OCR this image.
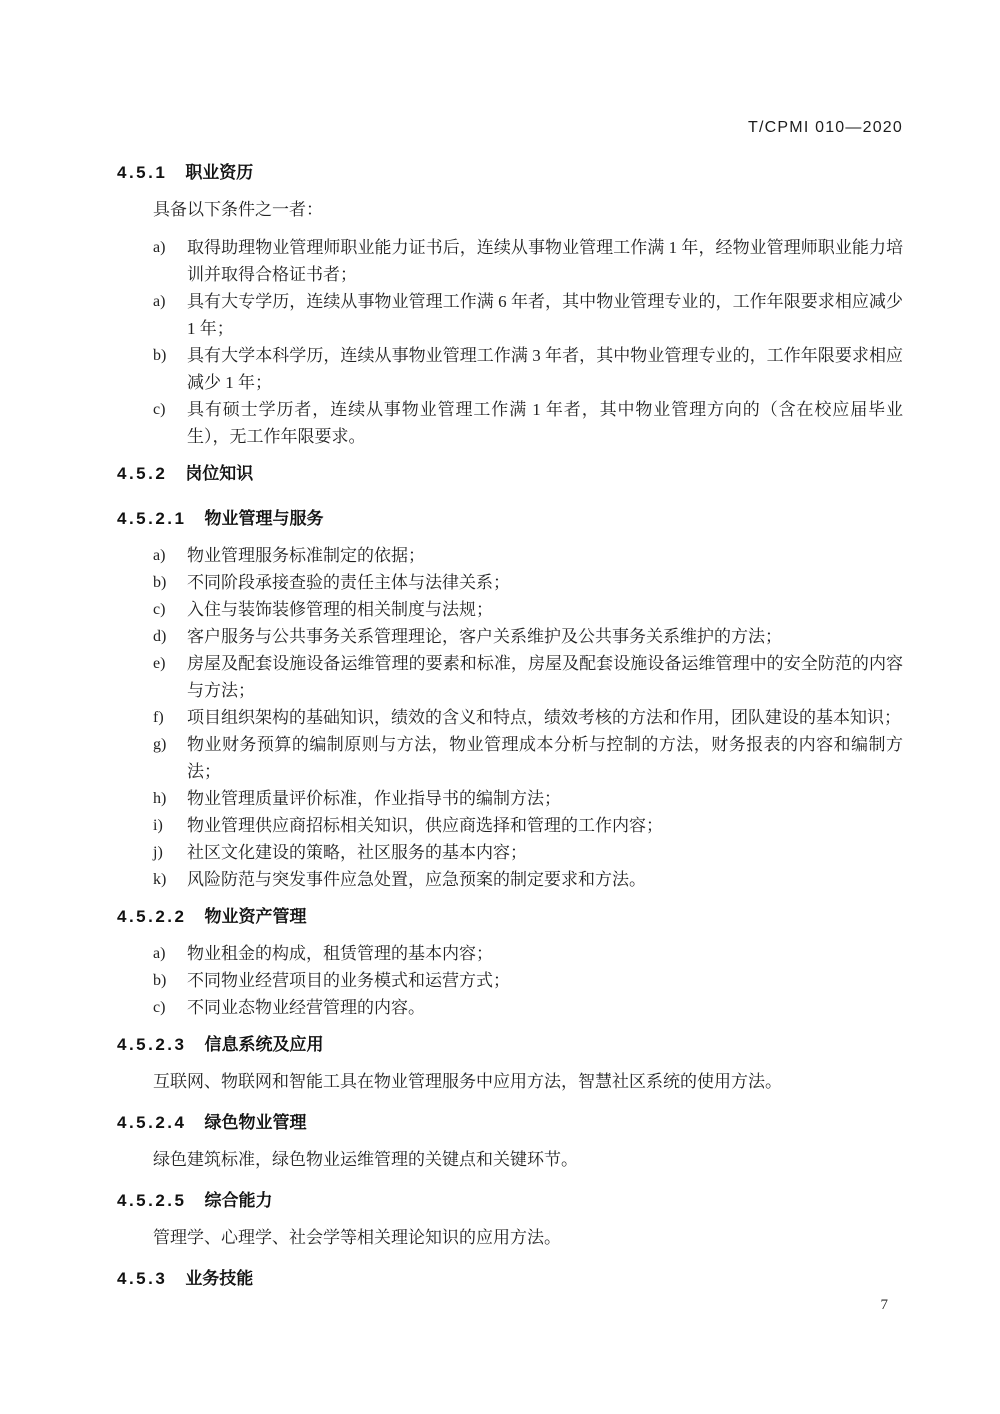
T/CPMI 010—2020
4.5.1 职业资历
具备以下条件之一者：
a)	取得助理物业管理师职业能力证书后，连续从事物业管理工作满 1 年，经物业管理师职业能力培训并取得合格证书者；
a)	具有大专学历，连续从事物业管理工作满 6 年者，其中物业管理专业的，工作年限要求相应减少 1 年；
b)	具有大学本科学历，连续从事物业管理工作满 3 年者，其中物业管理专业的，工作年限要求相应减少 1 年；
c)	具有硕士学历者，连续从事物业管理工作满 1 年者，其中物业管理方向的（含在校应届毕业生），无工作年限要求。
4.5.2 岗位知识
4.5.2.1 物业管理与服务
a)	物业管理服务标准制定的依据；
b)	不同阶段承接查验的责任主体与法律关系；
c)	入住与装饰装修管理的相关制度与法规；
d)	客户服务与公共事务关系管理理论，客户关系维护及公共事务关系维护的方法；
e)	房屋及配套设施设备运维管理的要素和标准，房屋及配套设施设备运维管理中的安全防范的内容与方法；
f)	项目组织架构的基础知识，绩效的含义和特点，绩效考核的方法和作用，团队建设的基本知识；
g)	物业财务预算的编制原则与方法，物业管理成本分析与控制的方法，财务报表的内容和编制方法；
h)	物业管理质量评价标准，作业指导书的编制方法；
i)	物业管理供应商招标相关知识，供应商选择和管理的工作内容；
j)	社区文化建设的策略，社区服务的基本内容；
k)	风险防范与突发事件应急处置，应急预案的制定要求和方法。
4.5.2.2 物业资产管理
a)	物业租金的构成，租赁管理的基本内容；
b)	不同物业经营项目的业务模式和运营方式；
c)	不同业态物业经营管理的内容。
4.5.2.3 信息系统及应用
互联网、物联网和智能工具在物业管理服务中应用方法，智慧社区系统的使用方法。
4.5.2.4 绿色物业管理
绿色建筑标准，绿色物业运维管理的关键点和关键环节。
4.5.2.5 综合能力
管理学、心理学、社会学等相关理论知识的应用方法。
4.5.3 业务技能
7
